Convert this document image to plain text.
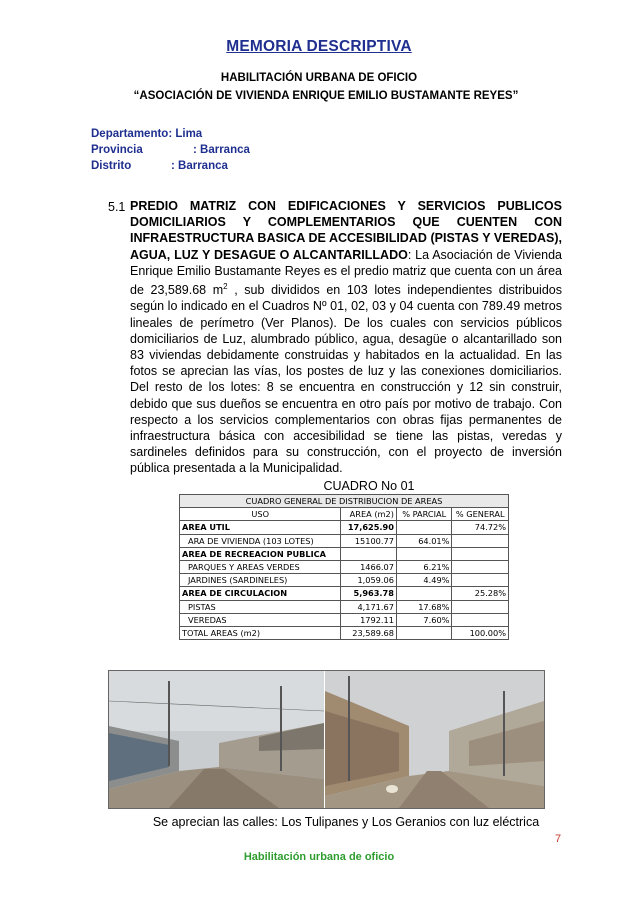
MEMORIA DESCRIPTIVA
HABILITACIÓN URBANA DE OFICIO
“ASOCIACIÓN DE VIVIENDA ENRIQUE EMILIO BUSTAMANTE REYES”
Departamento: Lima
Provincia	: Barranca
Distrito	: Barranca
5.1 PREDIO MATRIZ CON EDIFICACIONES Y SERVICIOS PUBLICOS DOMICILIARIOS Y COMPLEMENTARIOS QUE CUENTEN CON INFRAESTRUCTURA BASICA DE ACCESIBILIDAD (PISTAS Y VEREDAS), AGUA, LUZ Y DESAGUE O ALCANTARILLADO: La Asociación de Vivienda Enrique Emilio Bustamante Reyes es el predio matriz que cuenta con un área de 23,589.68 $m^2$ , sub divididos en 103 lotes independientes distribuidos según lo indicado en el Cuadros Nº 01, 02, 03 y 04 cuenta con 789.49 metros lineales de perímetro (Ver Planos). De los cuales con servicios públicos domiciliarios de Luz, alumbrado público, agua, desagüe o alcantarillado son 83 viviendas debidamente construidas y habitados en la actualidad. En las fotos se aprecian las vías, los postes de luz y las conexiones domiciliarios. Del resto de los lotes: 8 se encuentra en construcción y 12 sin construir, debido que sus dueños se encuentra en otro país por motivo de trabajo. Con respecto a los servicios complementarios con obras fijas permanentes de infraestructura básica con accesibilidad se tiene las pistas, veredas y sardineles definidos para su construcción, con el proyecto de inversión pública presentada a la Municipalidad.
CUADRO No 01
CUADRO GENERAL DE DISTRIBUCION DE AREAS			
USO	AREA (m2)	% PARCIAL	% GENERAL
AREA UTIL	17,625.90		74.72%
ARA DE VIVIENDA (103 LOTES)	15100.77	64.01%	
AREA DE RECREACION PUBLICA			
PARQUES Y AREAS VERDES	1466.07	6.21%	
JARDINES (SARDINELES)	1,059.06	4.49%	
AREA DE CIRCULACION	5,963.78		25.28%
PISTAS	4,171.67	17.68%	
VEREDAS	1792.11	7.60%	
TOTAL AREAS (m2)	23,589.68		100.00%
Se aprecian las calles: Los Tulipanes y Los Geranios con luz eléctrica
7
Habilitación urbana de oficio
